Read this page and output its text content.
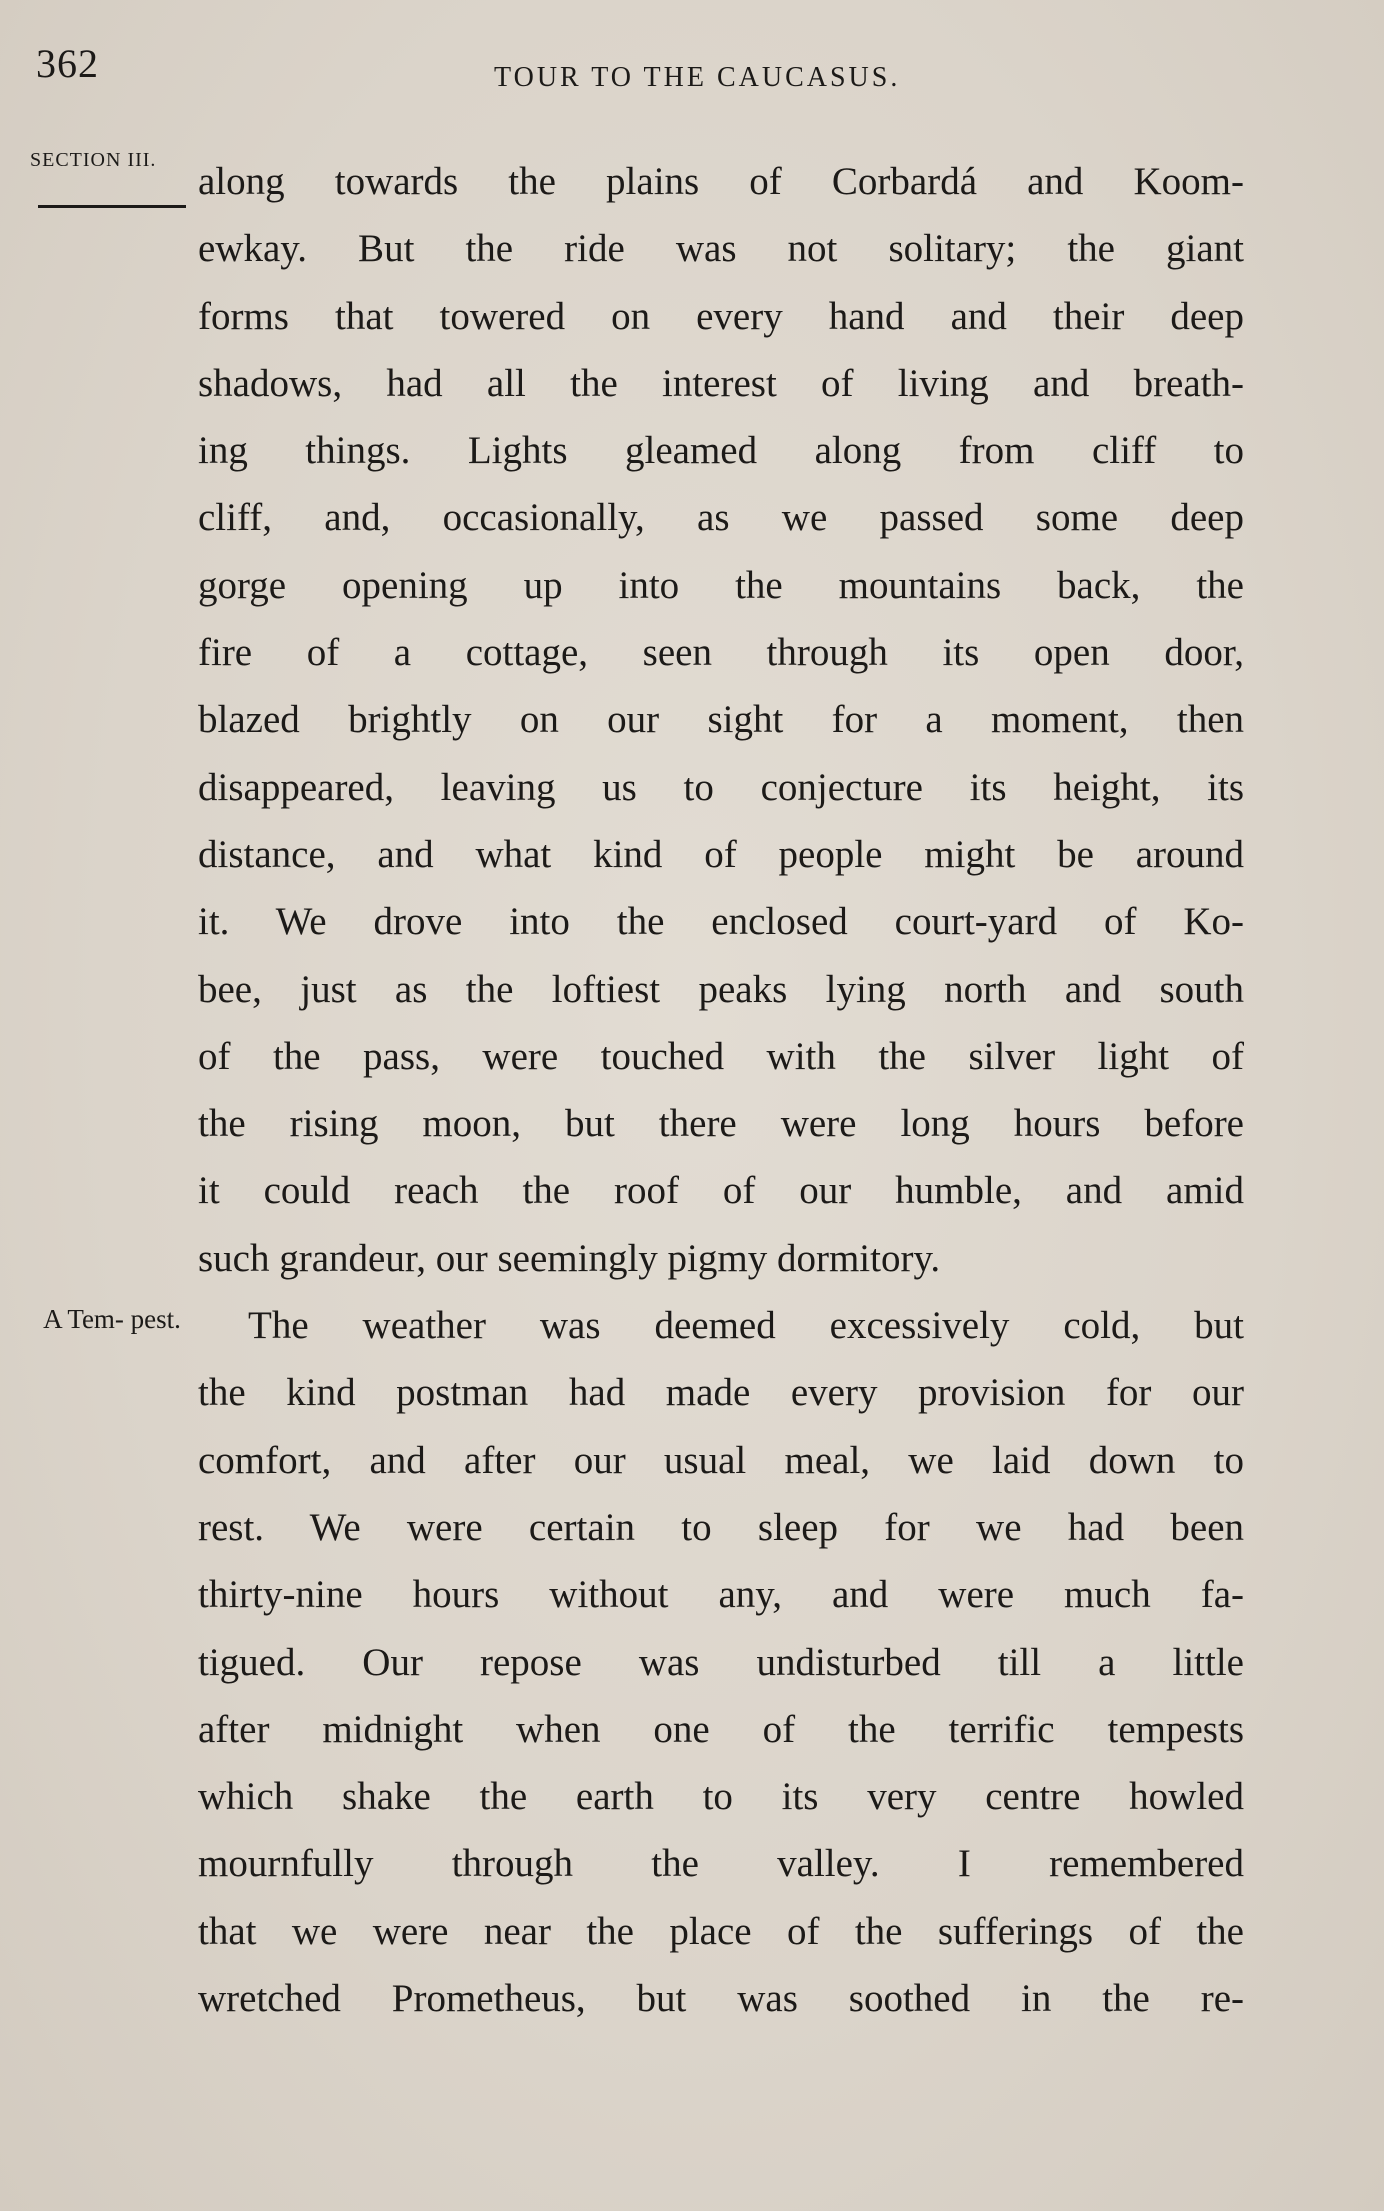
362	TOUR TO THE CAUCASUS.
SECTION III.
A Tem- pest.
along towards the plains of Corbardá and Koom-
ewkay. But the ride was not solitary; the giant
forms that towered on every hand and their deep
shadows, had all the interest of living and breath-
ing things. Lights gleamed along from cliff to
cliff, and, occasionally, as we passed some deep
gorge opening up into the mountains back, the
fire of a cottage, seen through its open door,
blazed brightly on our sight for a moment, then
disappeared, leaving us to conjecture its height, its
distance, and what kind of people might be around
it. We drove into the enclosed court-yard of Ko-
bee, just as the loftiest peaks lying north and south
of the pass, were touched with the silver light of
the rising moon, but there were long hours before
it could reach the roof of our humble, and amid
such grandeur, our seemingly pigmy dormitory.
The weather was deemed excessively cold, but
the kind postman had made every provision for our
comfort, and after our usual meal, we laid down to
rest. We were certain to sleep for we had been
thirty-nine hours without any, and were much fa-
tigued. Our repose was undisturbed till a little
after midnight when one of the terrific tempests
which shake the earth to its very centre howled
mournfully through the valley. I remembered
that we were near the place of the sufferings of the
wretched Prometheus, but was soothed in the re-
